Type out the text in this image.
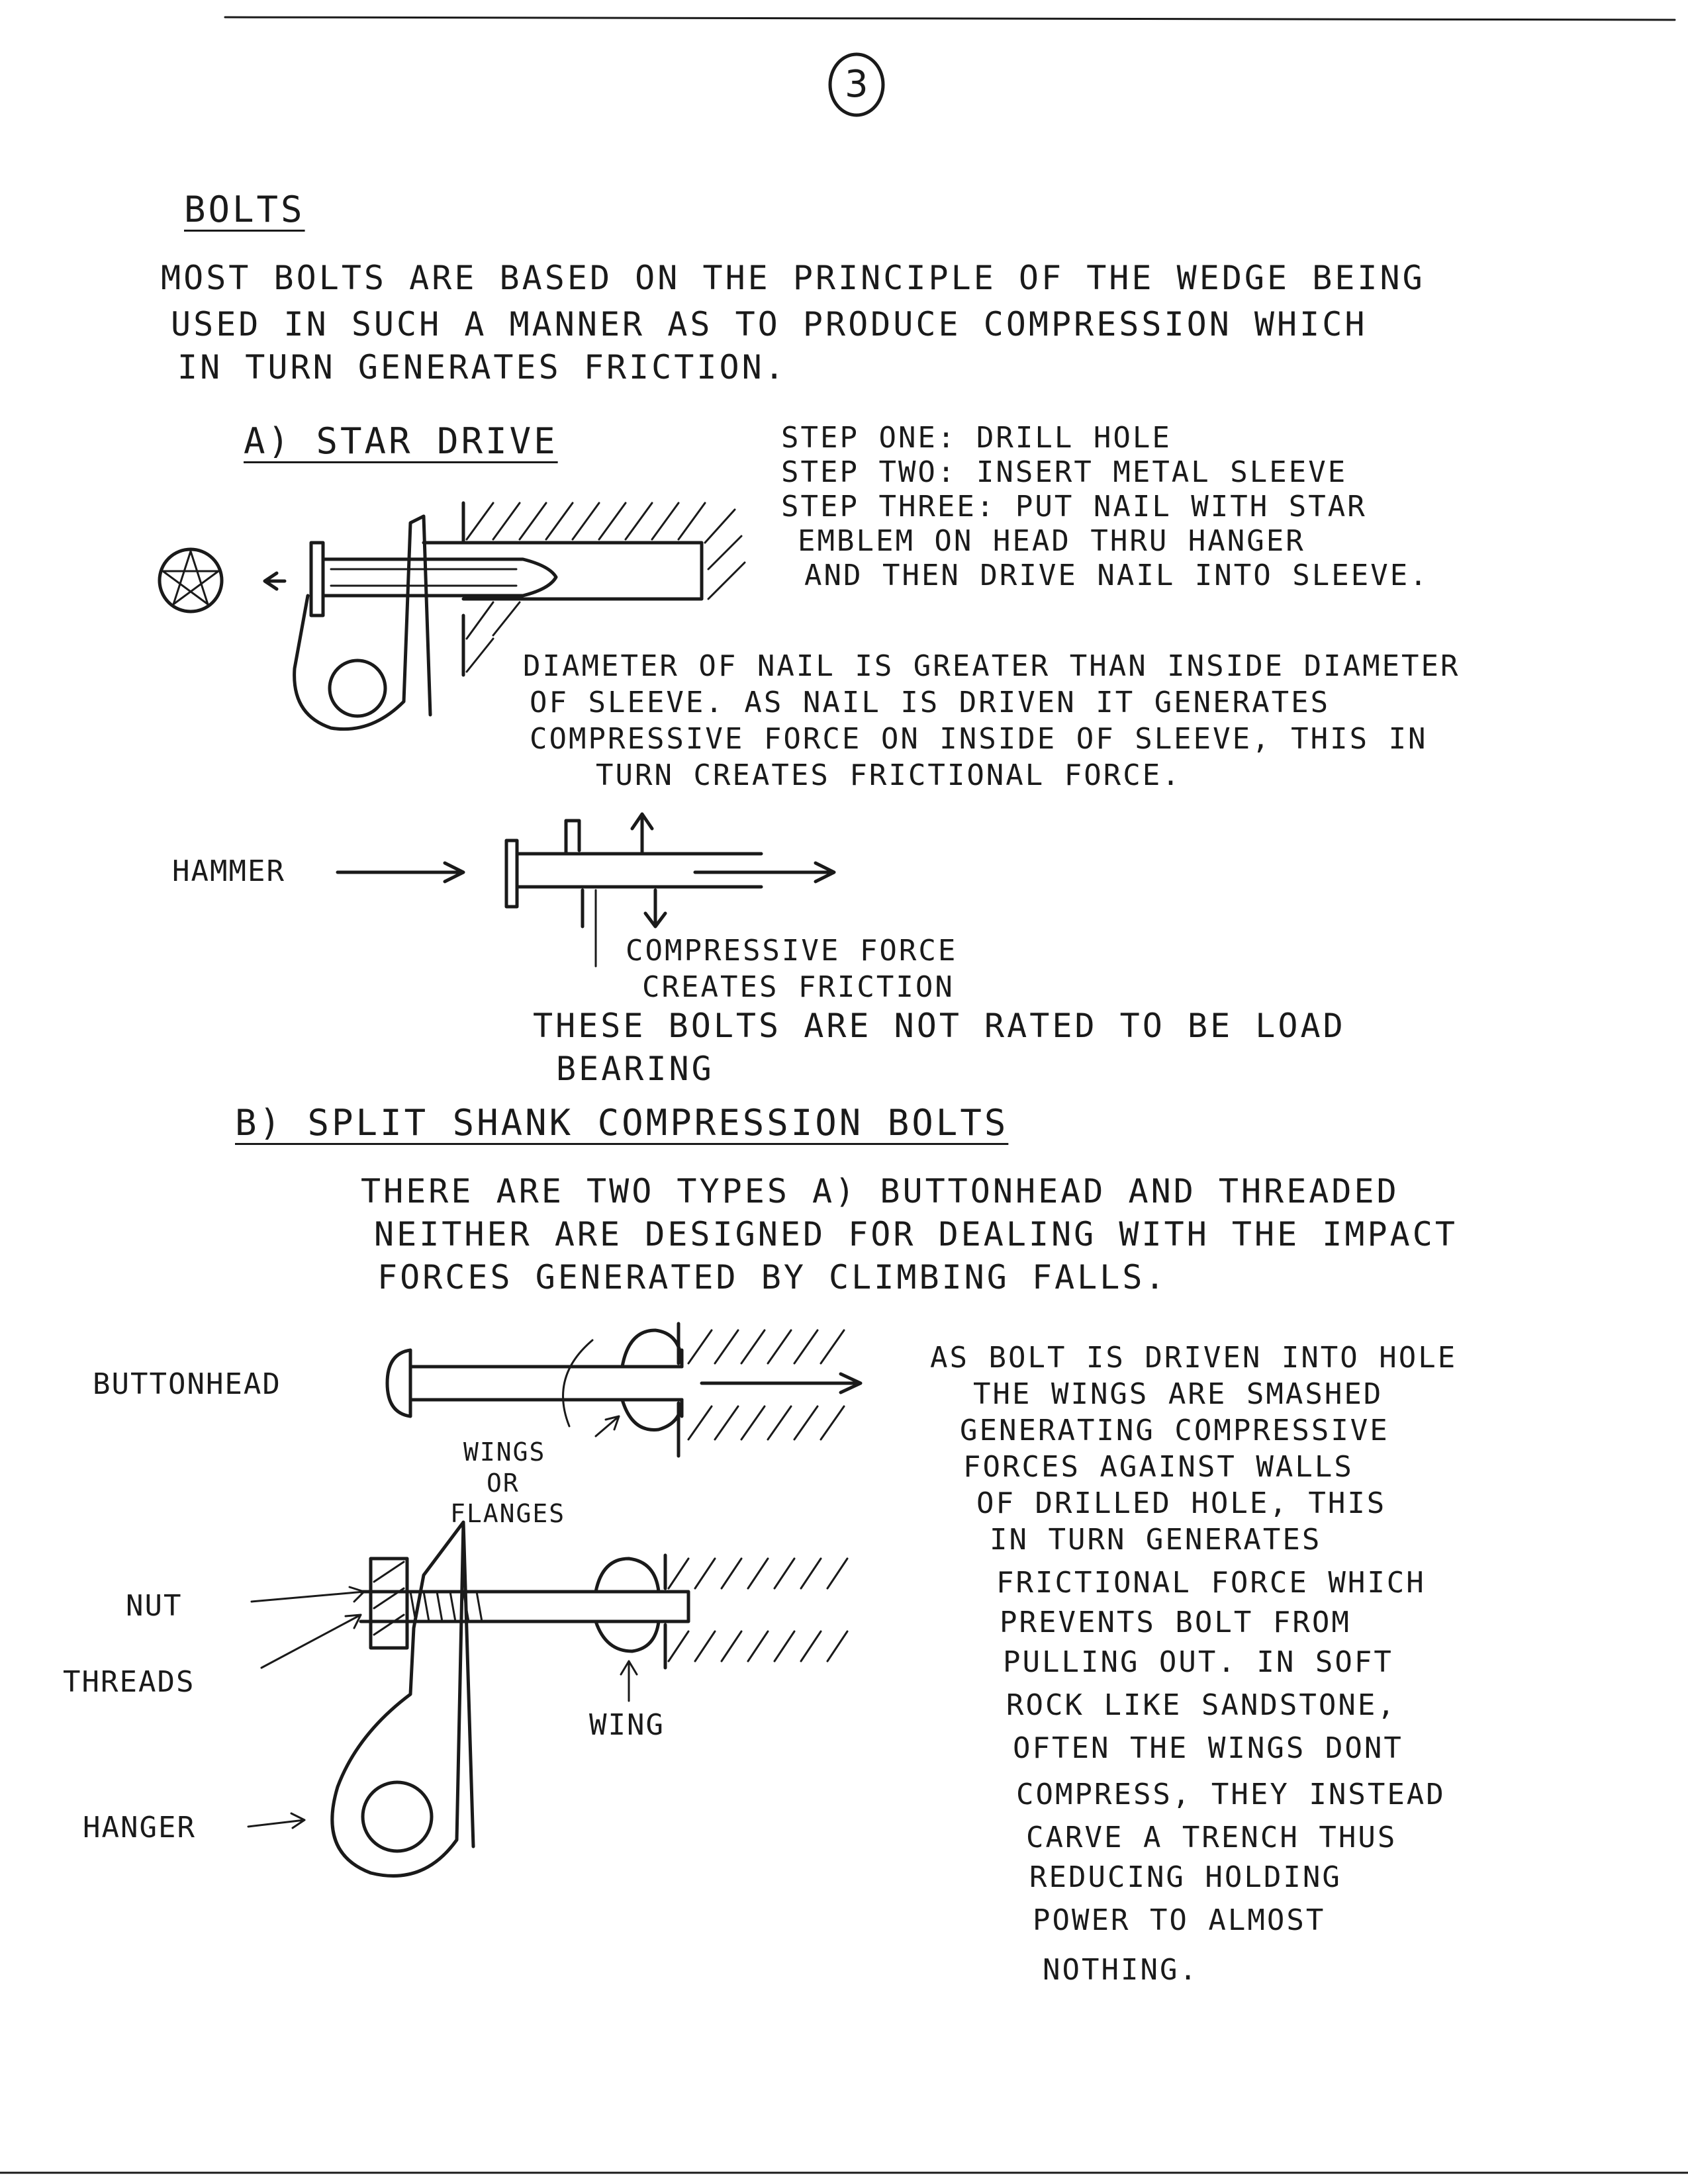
3
BOLTS
MOST BOLTS ARE BASED ON THE PRINCIPLE OF THE WEDGE BEING
USED IN SUCH A MANNER AS TO PRODUCE COMPRESSION WHICH
IN TURN GENERATES FRICTION.
A) STAR DRIVE	STEP ONE: DRILL HOLE
STEP TWO: INSERT METAL SLEEVE
STEP THREE: PUT NAIL WITH STAR
EMBLEM ON HEAD THRU HANGER
AND THEN DRIVE NAIL INTO SLEEVE.
DIAMETER OF NAIL IS GREATER THAN INSIDE DIAMETER
OF SLEEVE. AS NAIL IS DRIVEN IT GENERATES
COMPRESSIVE FORCE ON INSIDE OF SLEEVE, THIS IN
TURN CREATES FRICTIONAL FORCE.
HAMMER
COMPRESSIVE FORCE
CREATES FRICTION
THESE BOLTS ARE NOT RATED TO BE LOAD
BEARING
B) SPLIT SHANK COMPRESSION BOLTS
THERE ARE TWO TYPES A) BUTTONHEAD AND THREADED
NEITHER ARE DESIGNED FOR DEALING WITH THE IMPACT
FORCES GENERATED BY CLIMBING FALLS.
BUTTONHEAD
WINGS
OR
FLANGES
NUT
THREADS
WING
HANGER
AS BOLT IS DRIVEN INTO HOLE
THE WINGS ARE SMASHED
GENERATING COMPRESSIVE
FORCES AGAINST WALLS
OF DRILLED HOLE, THIS
IN TURN GENERATES
FRICTIONAL FORCE WHICH
PREVENTS BOLT FROM
PULLING OUT. IN SOFT
ROCK LIKE SANDSTONE,
OFTEN THE WINGS DONT
COMPRESS, THEY INSTEAD
CARVE A TRENCH THUS
REDUCING HOLDING
POWER TO ALMOST
NOTHING.
